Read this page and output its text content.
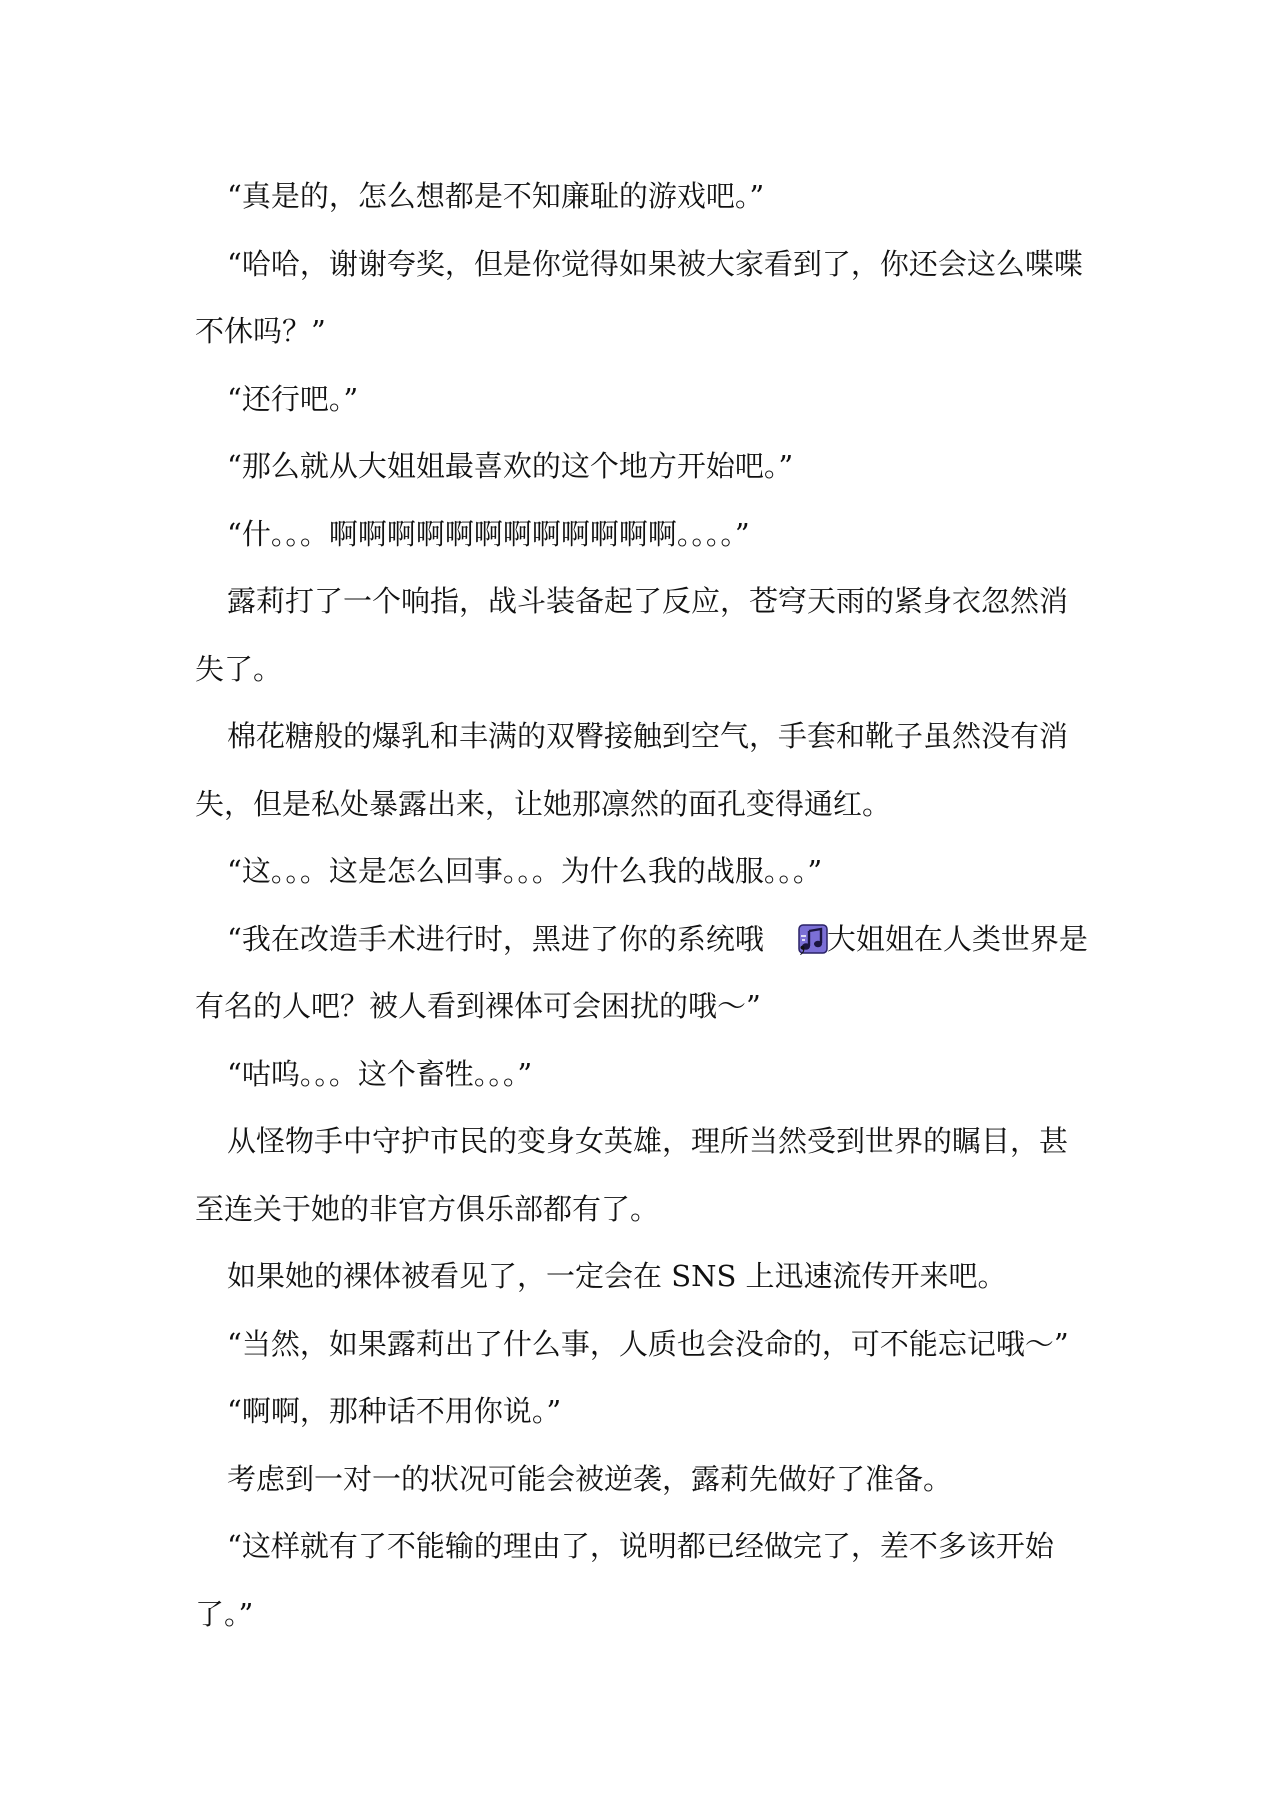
“真是的，怎么想都是不知廉耻的游戏吧。”

“哈哈，谢谢夸奖，但是你觉得如果被大家看到了，你还会这么喋喋不休吗？”

“还行吧。”

“那么就从大姐姐最喜欢的这个地方开始吧。”

“什。。。啊啊啊啊啊啊啊啊啊啊啊啊。。。。”

露莉打了一个响指，战斗装备起了反应，苍穹天雨的紧身衣忽然消失了。

棉花糖般的爆乳和丰满的双臀接触到空气，手套和靴子虽然没有消失，但是私处暴露出来，让她那凛然的面孔变得通红。

“这。。。这是怎么回事。。。为什么我的战服。。。”

“我在改造手术进行时，黑进了你的系统哦 ，大姐姐在人类世界是有名的人吧？被人看到裸体可会困扰的哦～”

“咕呜。。。这个畜牲。。。”

从怪物手中守护市民的变身女英雄，理所当然受到世界的瞩目，甚至连关于她的非官方俱乐部都有了。

如果她的裸体被看见了，一定会在 SNS 上迅速流传开来吧。

“当然，如果露莉出了什么事，人质也会没命的，可不能忘记哦～”

“啊啊，那种话不用你说。”

考虑到一对一的状况可能会被逆袭，露莉先做好了准备。

“这样就有了不能输的理由了，说明都已经做完了，差不多该开始了。”
